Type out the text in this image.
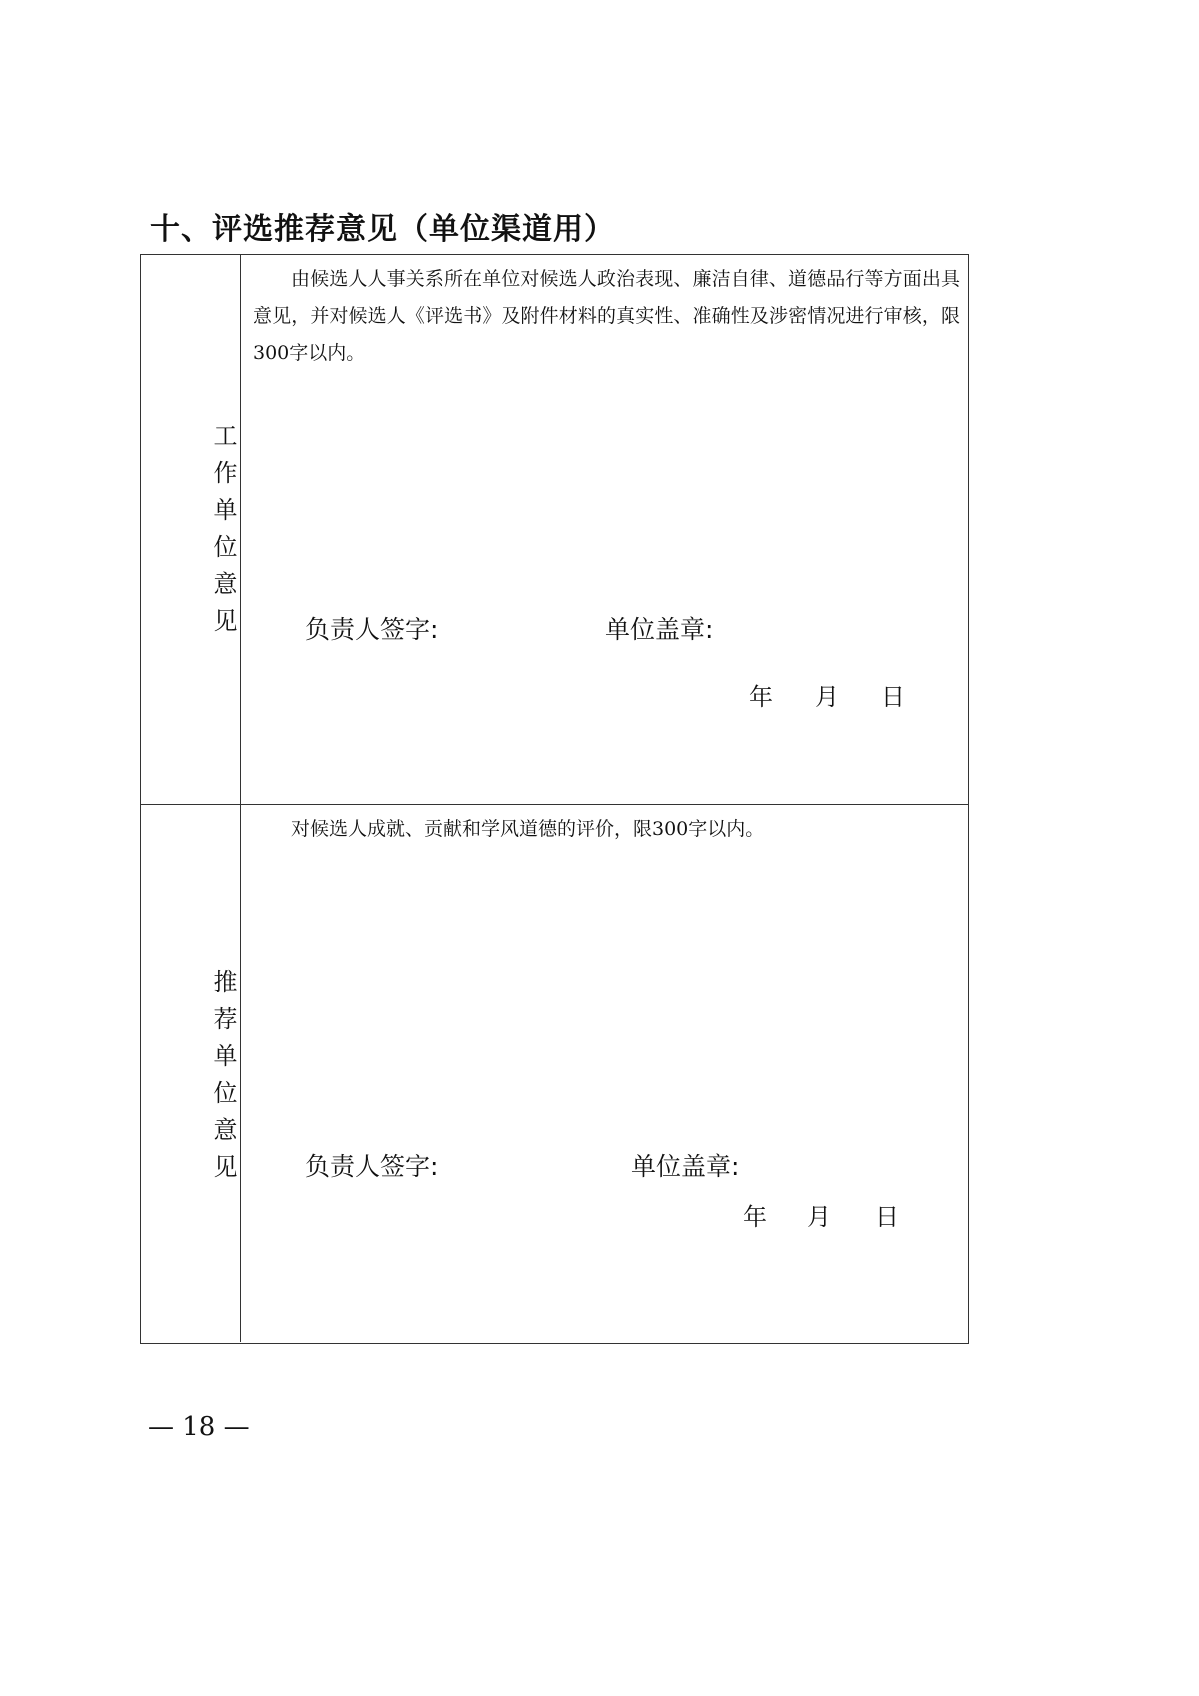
十、评选推荐意见（单位渠道用）
工作单位意见
由候选人人事关系所在单位对候选人政治表现、廉洁自律、道德品行等方面出具意见，并对候选人《评选书》及附件材料的真实性、准确性及涉密情况进行审核，限300字以内。
负责人签字:	单位盖章:
年 月 日
推荐单位意见
对候选人成就、贡献和学风道德的评价，限300字以内。
负责人签字:	单位盖章:
年 月 日
— 18 —
